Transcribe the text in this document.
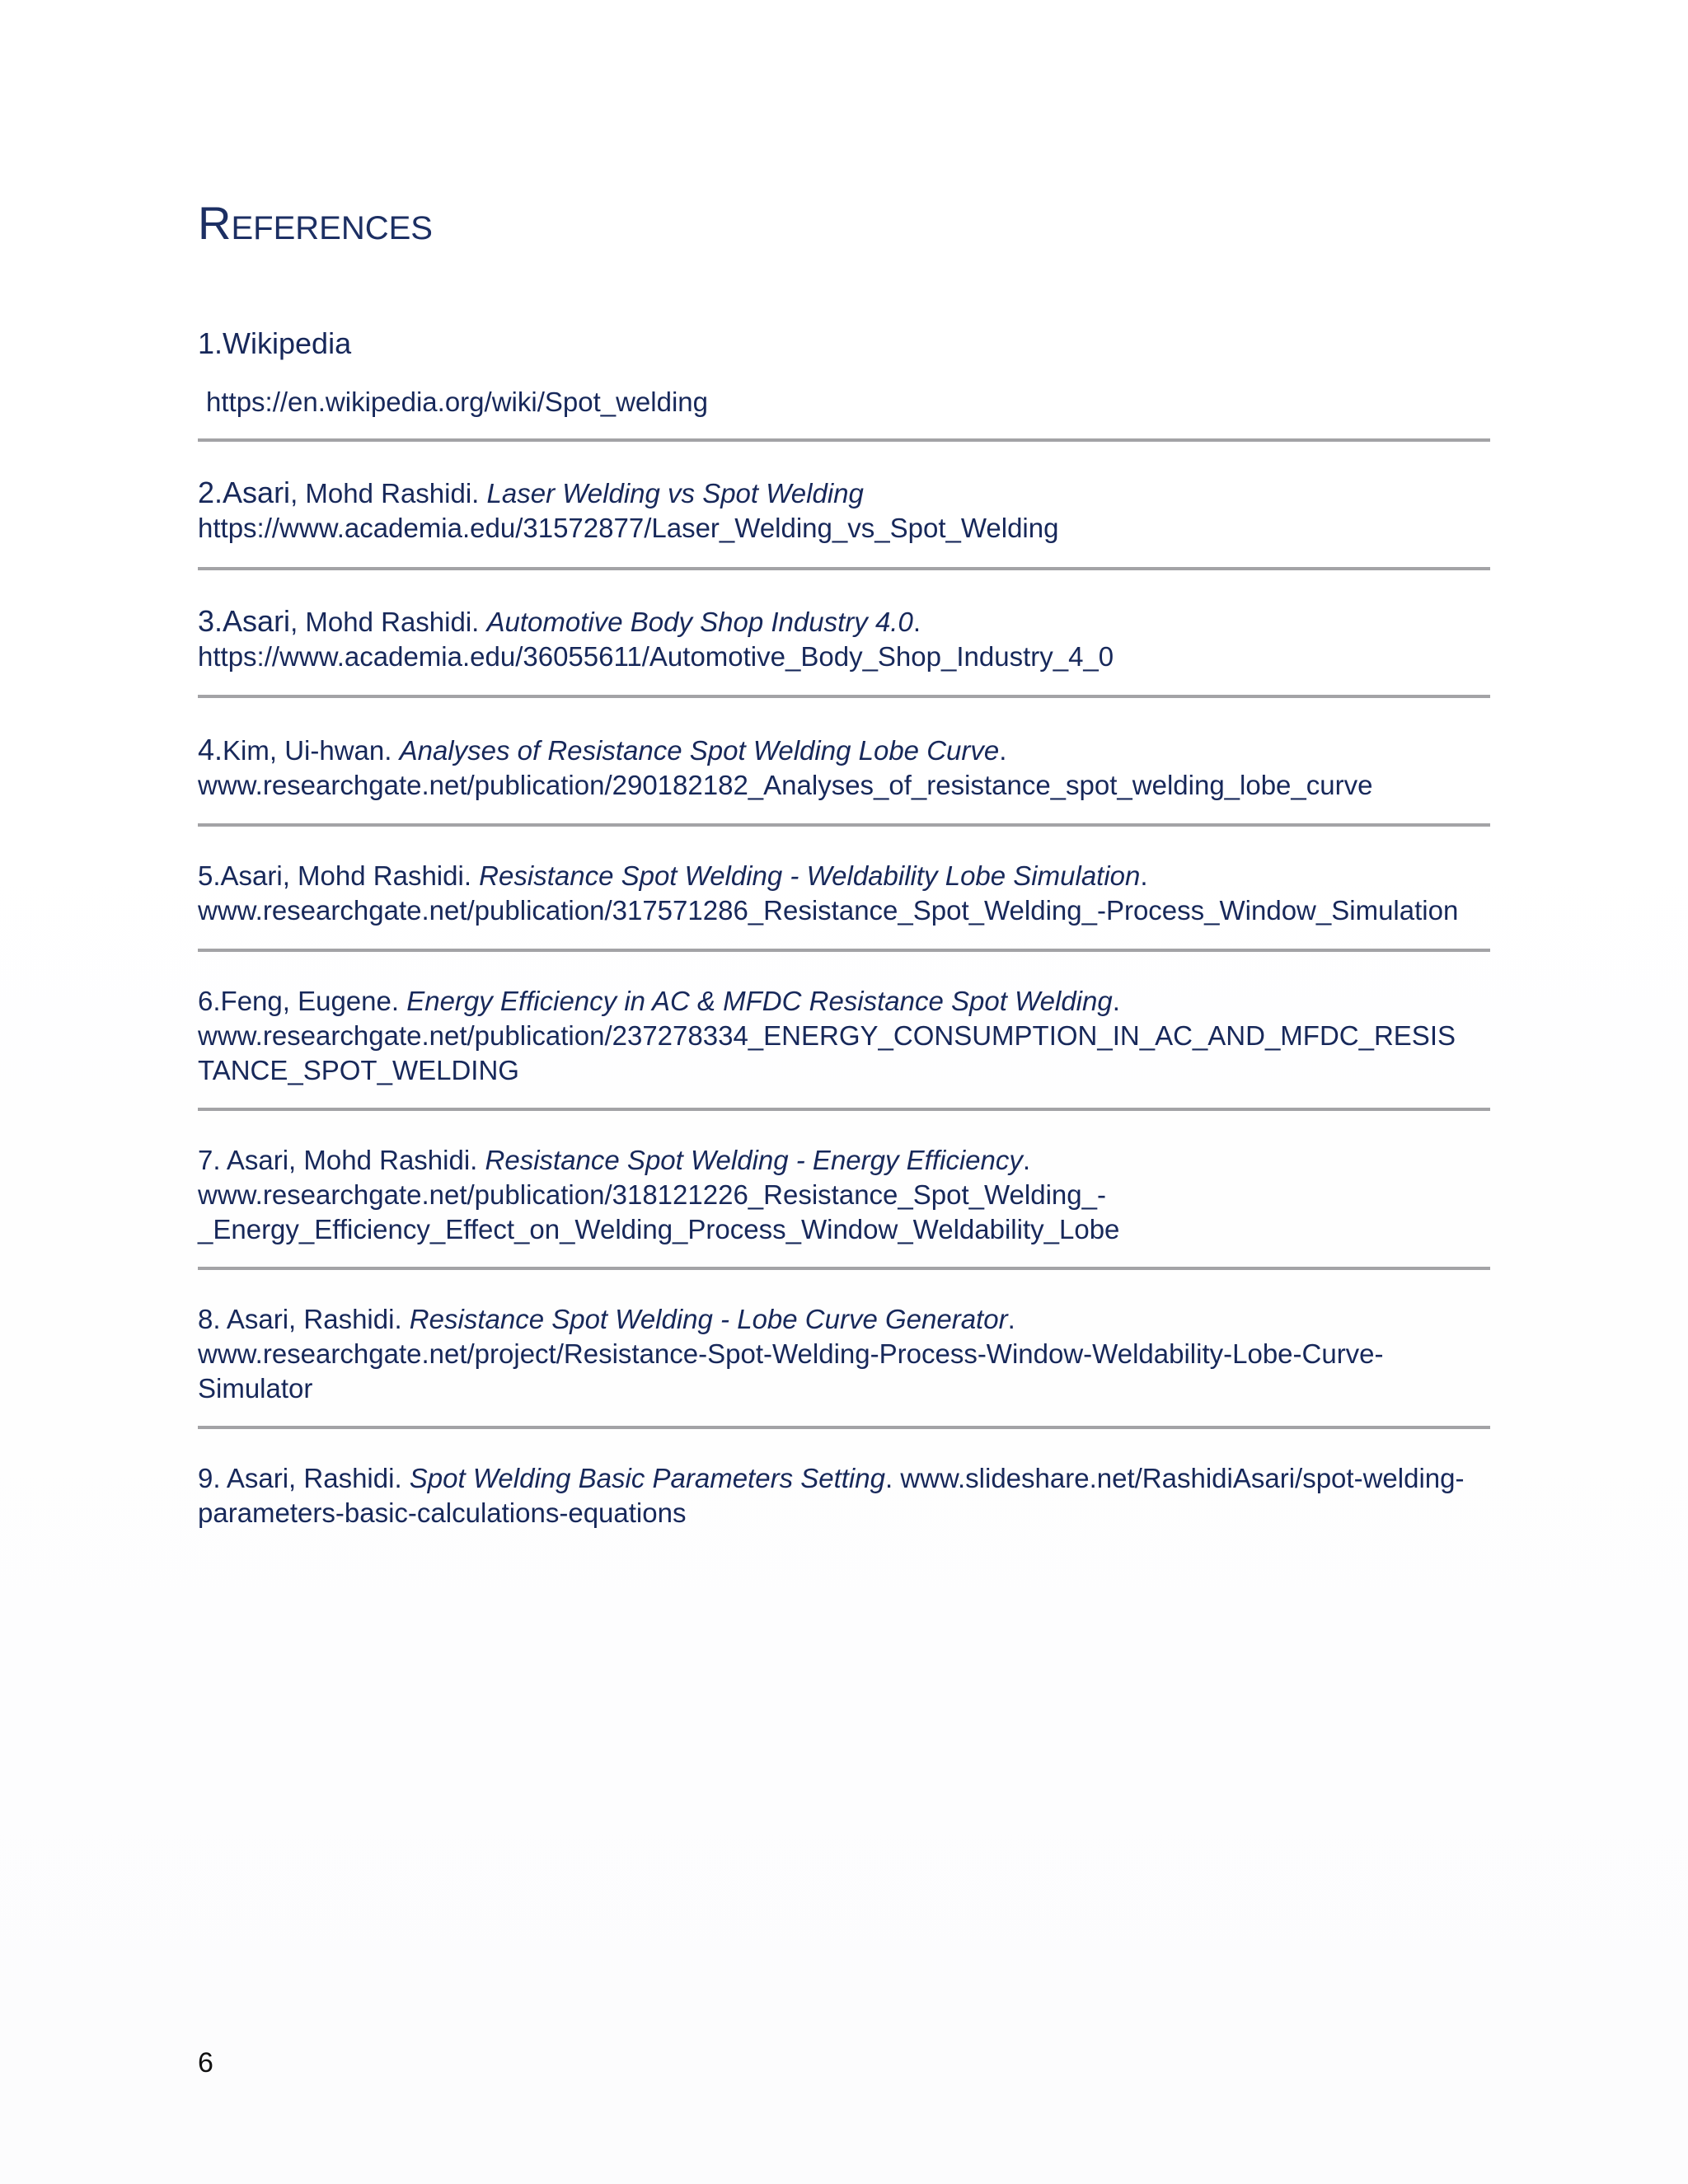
REFERENCES
1.Wikipedia
https://en.wikipedia.org/wiki/Spot_welding
2.Asari, Mohd Rashidi. Laser Welding vs Spot Welding
https://www.academia.edu/31572877/Laser_Welding_vs_Spot_Welding
3.Asari, Mohd Rashidi. Automotive Body Shop Industry 4.0.
https://www.academia.edu/36055611/Automotive_Body_Shop_Industry_4_0
4.Kim, Ui-hwan. Analyses of Resistance Spot Welding Lobe Curve.
www.researchgate.net/publication/290182182_Analyses_of_resistance_spot_welding_lobe_curve
5.Asari, Mohd Rashidi. Resistance Spot Welding - Weldability Lobe Simulation.
www.researchgate.net/publication/317571286_Resistance_Spot_Welding_-Process_Window_Simulation
6.Feng, Eugene. Energy Efficiency in AC & MFDC Resistance Spot Welding.
www.researchgate.net/publication/237278334_ENERGY_CONSUMPTION_IN_AC_AND_MFDC_RESIS
TANCE_SPOT_WELDING
7. Asari, Mohd Rashidi. Resistance Spot Welding - Energy Efficiency.
www.researchgate.net/publication/318121226_Resistance_Spot_Welding_-
_Energy_Efficiency_Effect_on_Welding_Process_Window_Weldability_Lobe
8. Asari, Rashidi. Resistance Spot Welding - Lobe Curve Generator.
www.researchgate.net/project/Resistance-Spot-Welding-Process-Window-Weldability-Lobe-Curve-
Simulator
9. Asari, Rashidi. Spot Welding Basic Parameters Setting. www.slideshare.net/RashidiAsari/spot-welding-
parameters-basic-calculations-equations
6
